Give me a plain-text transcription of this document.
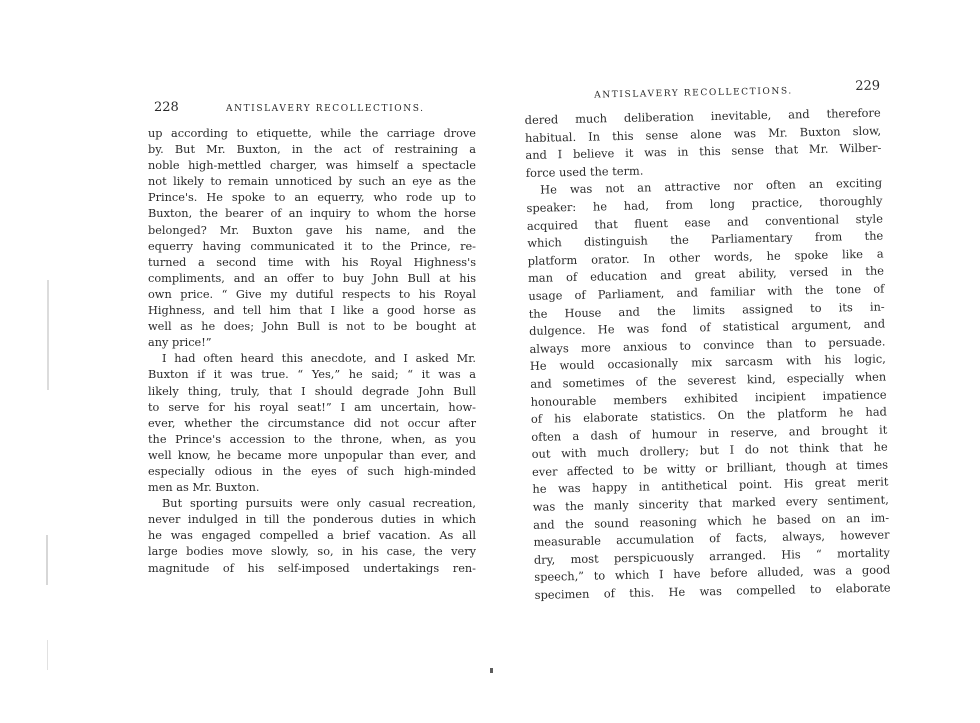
228	ANTISLAVERY RECOLLECTIONS.
up according to etiquette, while the carriage drove
by. But Mr. Buxton, in the act of restraining a
noble high-mettled charger, was himself a spectacle
not likely to remain unnoticed by such an eye as the
Prince's. He spoke to an equerry, who rode up to
Buxton, the bearer of an inquiry to whom the horse
belonged? Mr. Buxton gave his name, and the
equerry having communicated it to the Prince, re-
turned a second time with his Royal Highness's
compliments, and an offer to buy John Bull at his
own price. “ Give my dutiful respects to his Royal
Highness, and tell him that I like a good horse as
well as he does; John Bull is not to be bought at
any price!”
I had often heard this anecdote, and I asked Mr.
Buxton if it was true. “ Yes,” he said; “ it was a
likely thing, truly, that I should degrade John Bull
to serve for his royal seat!” I am uncertain, how-
ever, whether the circumstance did not occur after
the Prince's accession to the throne, when, as you
well know, he became more unpopular than ever, and
especially odious in the eyes of such high-minded
men as Mr. Buxton.
But sporting pursuits were only casual recreation,
never indulged in till the ponderous duties in which
he was engaged compelled a brief vacation. As all
large bodies move slowly, so, in his case, the very
magnitude of his self-imposed undertakings ren-
ANTISLAVERY RECOLLECTIONS.	229
dered much deliberation inevitable, and therefore
habitual. In this sense alone was Mr. Buxton slow,
and I believe it was in this sense that Mr. Wilber-
force used the term.
He was not an attractive nor often an exciting
speaker: he had, from long practice, thoroughly
acquired that fluent ease and conventional style
which distinguish the Parliamentary from the
platform orator. In other words, he spoke like a
man of education and great ability, versed in the
usage of Parliament, and familiar with the tone of
the House and the limits assigned to its in-
dulgence. He was fond of statistical argument, and
always more anxious to convince than to persuade.
He would occasionally mix sarcasm with his logic,
and sometimes of the severest kind, especially when
honourable members exhibited incipient impatience
of his elaborate statistics. On the platform he had
often a dash of humour in reserve, and brought it
out with much drollery; but I do not think that he
ever affected to be witty or brilliant, though at times
he was happy in antithetical point. His great merit
was the manly sincerity that marked every sentiment,
and the sound reasoning which he based on an im-
measurable accumulation of facts, always, however
dry, most perspicuously arranged. His “ mortality
speech,” to which I have before alluded, was a good
specimen of this. He was compelled to elaborate
